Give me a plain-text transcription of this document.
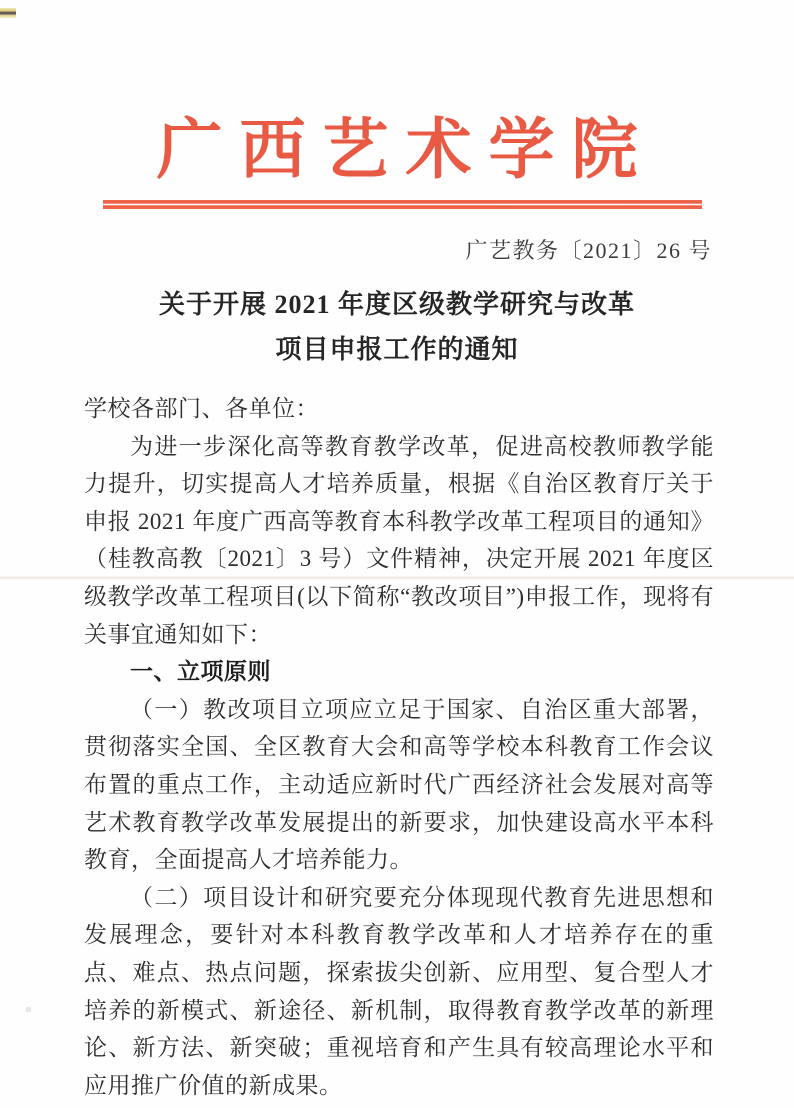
广西艺术学院
广艺教务〔2021〕26 号
关于开展 2021 年度区级教学研究与改革
项目申报工作的通知

学校各部门、各单位：

为进一步深化高等教育教学改革，促进高校教师教学能力提升，切实提高人才培养质量，根据《自治区教育厅关于申报 2021 年度广西高等教育本科教学改革工程项目的通知》（桂教高教〔2021〕3 号）文件精神，决定开展 2021 年度区级教学改革工程项目(以下简称“教改项目”)申报工作，现将有关事宜通知如下：

一、立项原则

（一）教改项目立项应立足于国家、自治区重大部署，贯彻落实全国、全区教育大会和高等学校本科教育工作会议布置的重点工作，主动适应新时代广西经济社会发展对高等艺术教育教学改革发展提出的新要求，加快建设高水平本科教育，全面提高人才培养能力。

（二）项目设计和研究要充分体现现代教育先进思想和发展理念，要针对本科教育教学改革和人才培养存在的重点、难点、热点问题，探索拔尖创新、应用型、复合型人才培养的新模式、新途径、新机制，取得教育教学改革的新理论、新方法、新突破；重视培育和产生具有较高理论水平和应用推广价值的新成果。
